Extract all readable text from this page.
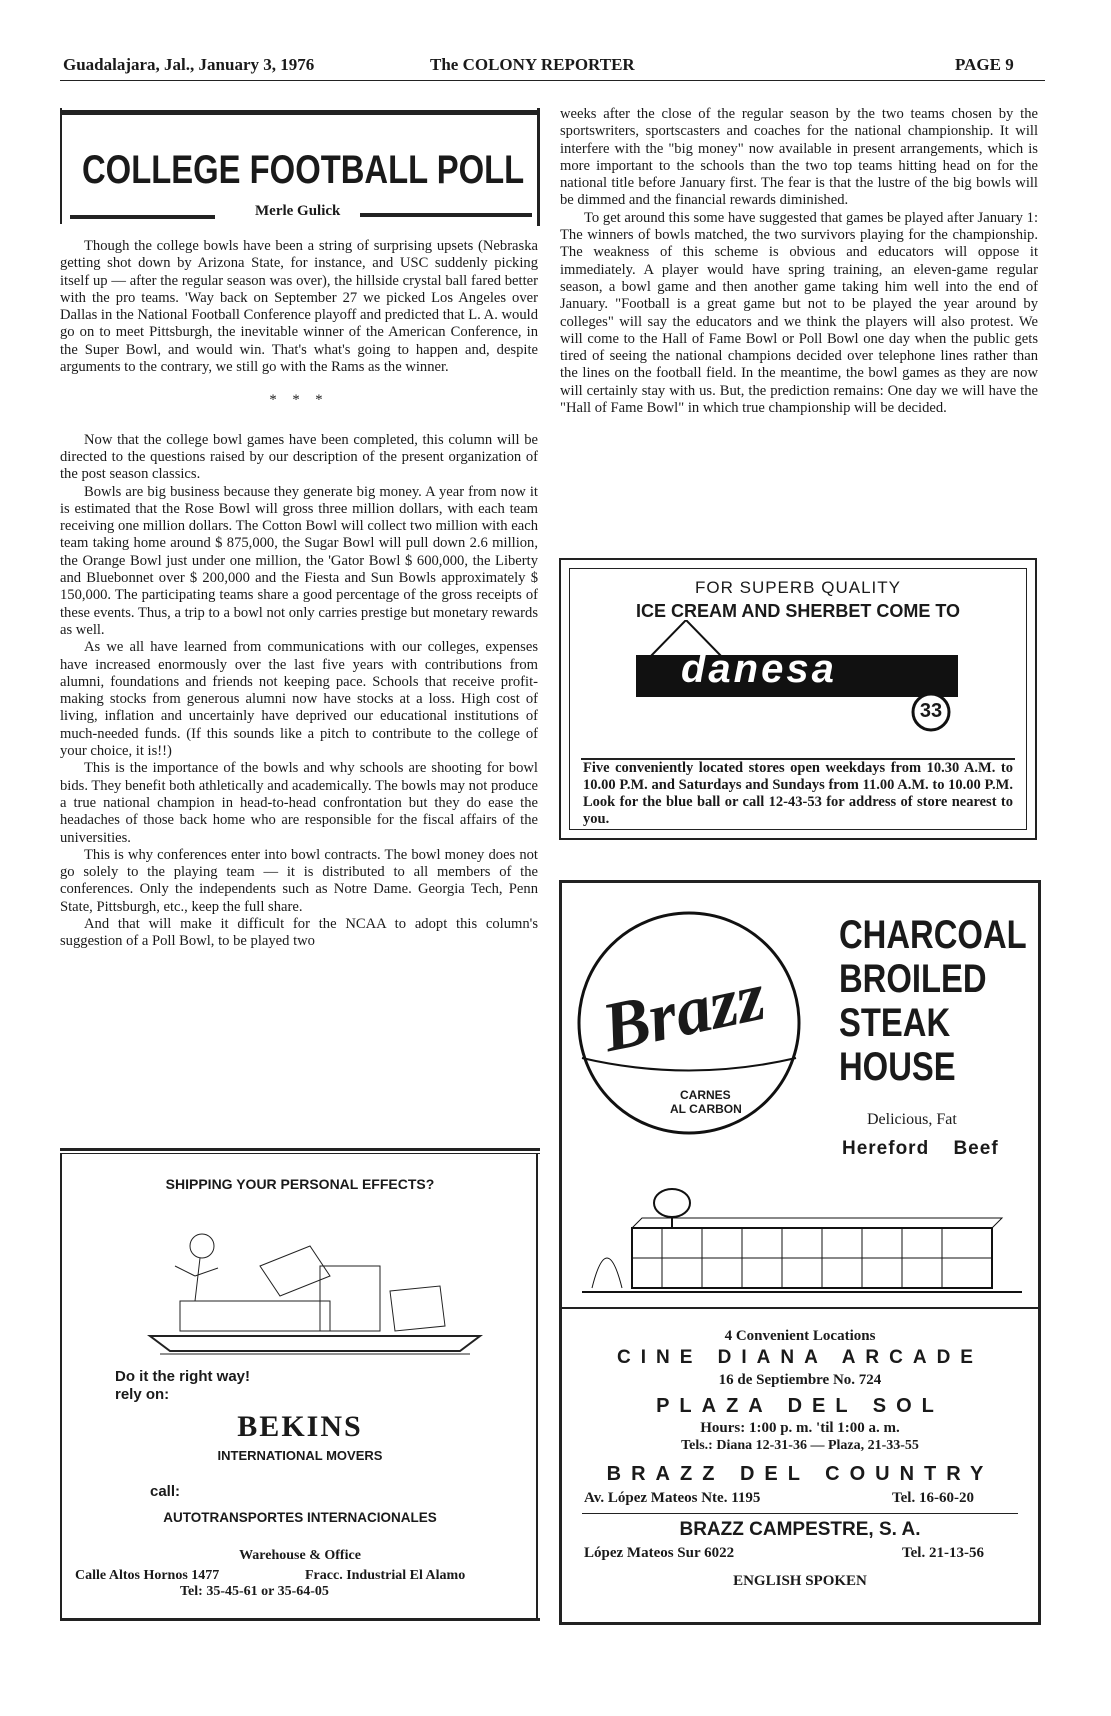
Guadalajara, Jal., January 3, 1976	The COLONY REPORTER	PAGE 9
COLLEGE FOOTBALL POLL
Merle Gulick

Though the college bowls have been a string of surprising upsets (Nebraska getting shot down by Arizona State, for instance, and USC suddenly picking itself up — after the regular season was over), the hillside crystal ball fared better with the pro teams. 'Way back on September 27 we picked Los Angeles over Dallas in the National Football Conference playoff and predicted that L. A. would go on to meet Pittsburgh, the inevitable winner of the American Conference, in the Super Bowl, and would win. That's what's going to happen and, despite arguments to the contrary, we still go with the Rams as the winner.

* * *

Now that the college bowl games have been completed, this column will be directed to the questions raised by our description of the present organization of the post season classics.

Bowls are big business because they generate big money. A year from now it is estimated that the Rose Bowl will gross three million dollars, with each team receiving one million dollars. The Cotton Bowl will collect two million with each team taking home around $ 875,000, the Sugar Bowl will pull down 2.6 million, the Orange Bowl just under one million, the 'Gator Bowl $ 600,000, the Liberty and Bluebonnet over $ 200,000 and the Fiesta and Sun Bowls approximately $ 150,000. The participating teams share a good percentage of the gross receipts of these events. Thus, a trip to a bowl not only carries prestige but monetary rewards as well.

As we all have learned from communications with our colleges, expenses have increased enormously over the last five years with contributions from alumni, foundations and friends not keeping pace. Schools that receive profit-making stocks from generous alumni now have stocks at a loss. High cost of living, inflation and uncertainly have deprived our educational institutions of much-needed funds. (If this sounds like a pitch to contribute to the college of your choice, it is!!)

This is the importance of the bowls and why schools are shooting for bowl bids. They benefit both athletically and academically. The bowls may not produce a true national champion in head-to-head confrontation but they do ease the headaches of those back home who are responsible for the fiscal affairs of the universities.

This is why conferences enter into bowl contracts. The bowl money does not go solely to the playing team — it is distributed to all members of the conferences. Only the independents such as Notre Dame. Georgia Tech, Penn State, Pittsburgh, etc., keep the full share.

And that will make it difficult for the NCAA to adopt this column's suggestion of a Poll Bowl, to be played two

weeks after the close of the regular season by the two teams chosen by the sportswriters, sportscasters and coaches for the national championship. It will interfere with the "big money" now available in present arrangements, which is more important to the schools than the two top teams hitting head on for the national title before January first. The fear is that the lustre of the big bowls will be dimmed and the financial rewards diminished.

To get around this some have suggested that games be played after January 1: The winners of bowls matched, the two survivors playing for the championship. The weakness of this scheme is obvious and educators will oppose it immediately. A player would have spring training, an eleven-game regular season, a bowl game and then another game taking him well into the end of January. "Football is a great game but not to be played the year around by colleges" will say the educators and we think the players will also protest. We will come to the Hall of Fame Bowl or Poll Bowl one day when the public gets tired of seeing the national champions decided over telephone lines rather than the lines on the football field. In the meantime, the bowl games as they are now will certainly stay with us. But, the prediction remains: One day we will have the "Hall of Fame Bowl" in which true championship will be decided.

FOR SUPERB QUALITY
ICE CREAM AND SHERBET COME TO
danesa
33
Five conveniently located stores open weekdays from 10.30 A.M. to 10.00 P.M. and Saturdays and Sundays from 11.00 A.M. to 10.00 P.M. Look for the blue ball or call 12-43-53 for address of store nearest to you.
SHIPPING YOUR PERSONAL EFFECTS?
Do it the right way!
rely on:
BEKINS
INTERNATIONAL MOVERS
call:
AUTOTRANSPORTES INTERNACIONALES
Warehouse & Office
Calle Altos Hornos 1477	Fracc. Industrial El Alamo
Tel: 35-45-61 or 35-64-05
Brazz
CARNES
AL CARBON
CHARCOAL
BROILED
STEAK
HOUSE
Delicious, Fat
Hereford Beef
4 Convenient Locations
CINE DIANA ARCADE
16 de Septiembre No. 724
PLAZA DEL SOL
Hours: 1:00 p. m. 'til 1:00 a. m.
Tels.: Diana 12-31-36 — Plaza, 21-33-55
BRAZZ DEL COUNTRY
Av. López Mateos Nte. 1195	Tel. 16-60-20
BRAZZ CAMPESTRE, S. A.
López Mateos Sur 6022	Tel. 21-13-56
ENGLISH SPOKEN
